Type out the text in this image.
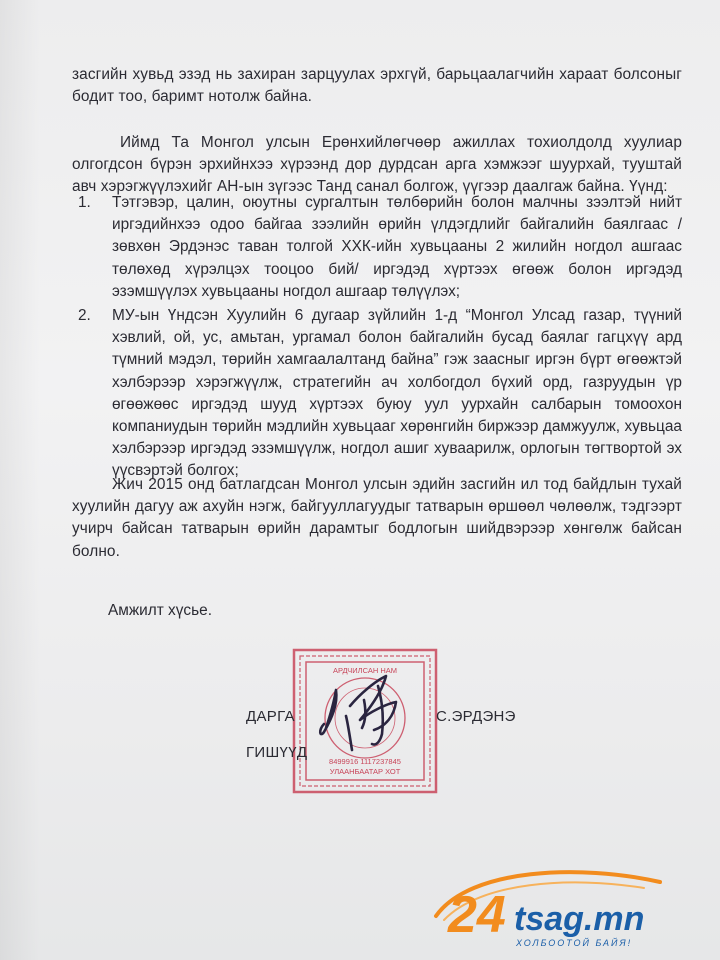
засгийн хувьд эзэд нь захиран зарцуулах эрхгүй, барьцаалагчийн хараат болсоныг бодит тоо, баримт нотолж байна.
Иймд Та Монгол улсын Ерөнхийлөгчөөр ажиллах тохиолдолд хуулиар олгогдсон бүрэн эрхийнхээ хүрээнд дор дурдсан арга хэмжээг шуурхай, тууштай авч хэрэгжүүлэхийг АН-ын зүгээс Танд санал болгож, үүгээр даалгаж байна. Үүнд:
1. Тэтгэвэр, цалин, оюутны сургалтын төлбөрийн болон малчны зээлтэй нийт иргэдийнхээ одоо байгаа зээлийн өрийн үлдэгдлийг байгалийн баялгаас /зөвхөн Эрдэнэс таван толгой ХХК-ийн хувьцааны 2 жилийн ногдол ашгаас төлөхөд хүрэлцэх тооцоо бий/ иргэдэд хүртээх өгөөж болон иргэдэд эзэмшүүлэх хувьцааны ногдол ашгаар төлүүлэх;
2. МУ-ын Үндсэн Хуулийн 6 дугаар зүйлийн 1-д “Монгол Улсад газар, түүний хэвлий, ой, ус, амьтан, ургамал болон байгалийн бусад баялаг гагцхүү ард түмний мэдэл, төрийн хамгаалалтанд байна” гэж заасныг иргэн бүрт өгөөжтэй хэлбэрээр хэрэгжүүлж, стратегийн ач холбогдол бүхий орд, газруудын үр өгөөжөөс иргэдэд шууд хүртээх буюу уул уурхайн салбарын томоохон компаниудын төрийн мэдлийн хувьцааг хөрөнгийн биржээр дамжуулж, хувьцаа хэлбэрээр иргэдэд эзэмшүүлж, ногдол ашиг хуваарилж, орлогын төгтвортой эх үүсвэртэй болгох;
Жич 2015 онд батлагдсан Монгол улсын эдийн засгийн ил тод байдлын тухай хуулийн дагуу аж ахуйн нэгж, байгууллагуудыг татварын өршөөл чөлөөлж, тэдгээрт учирч байсан татварын өрийн дарамтыг бодлогын шийдвэрээр хөнгөлж байсан болно.
Амжилт хүсье.
АРДЧИЛСАН НАМ
8499916 1117237845
УЛААНБААТАР ХОТ
ДАРГА	С.ЭРДЭНЭ
ГИШҮҮД
24 tsag.mn
ХОЛБООТОЙ БАЙЯ!
